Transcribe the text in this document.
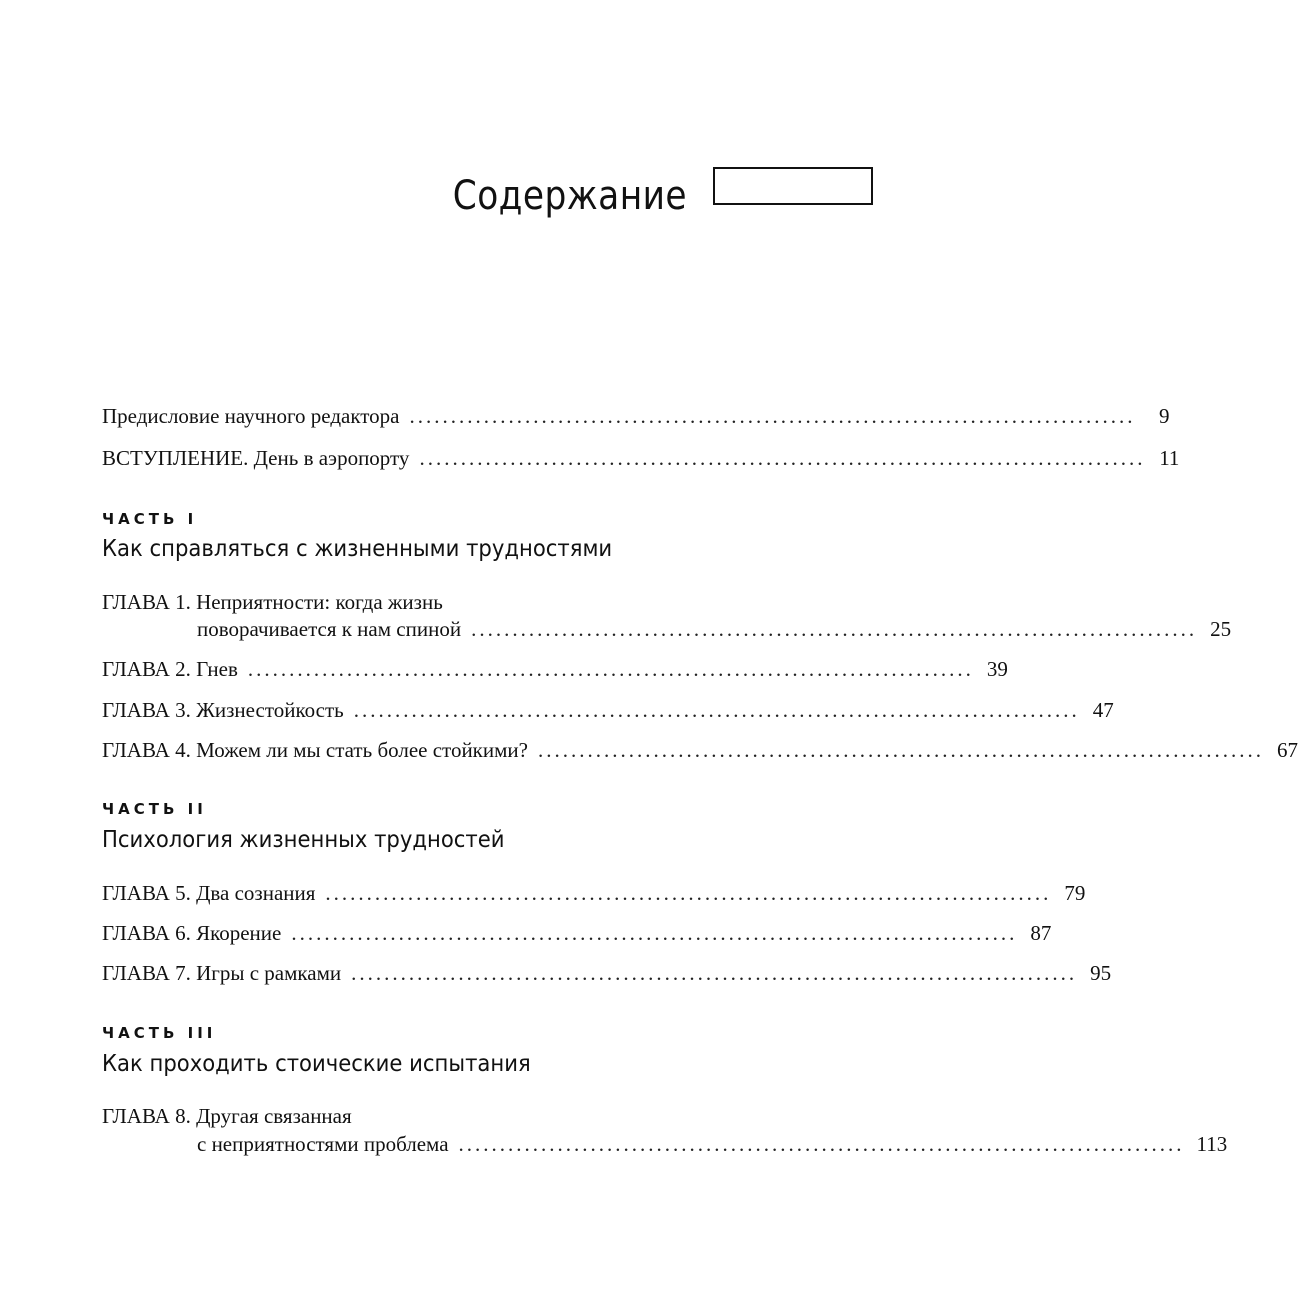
Содержание
Предисловие научного редактора ........................................................................................	9
ВСТУПЛЕНИЕ. День в аэропорту ........................................................................................ 11
ЧАСТЬ I
Как справляться с жизненными трудностями
ГЛАВА 1. Неприятности: когда жизнь
поворачивается к нам спиной ........................................................................................ 25
ГЛАВА 2. Гнев ........................................................................................ 39
ГЛАВА 3. Жизнестойкость ........................................................................................ 47
ГЛАВА 4. Можем ли мы стать более стойкими? ........................................................................................ 67
ЧАСТЬ II
Психология жизненных трудностей
ГЛАВА 5. Два сознания ........................................................................................ 79
ГЛАВА 6. Якорение ........................................................................................ 87
ГЛАВА 7. Игры с рамками ........................................................................................ 95
ЧАСТЬ III
Как проходить стоические испытания
ГЛАВА 8. Другая связанная
с неприятностями проблема ........................................................................................ 113
